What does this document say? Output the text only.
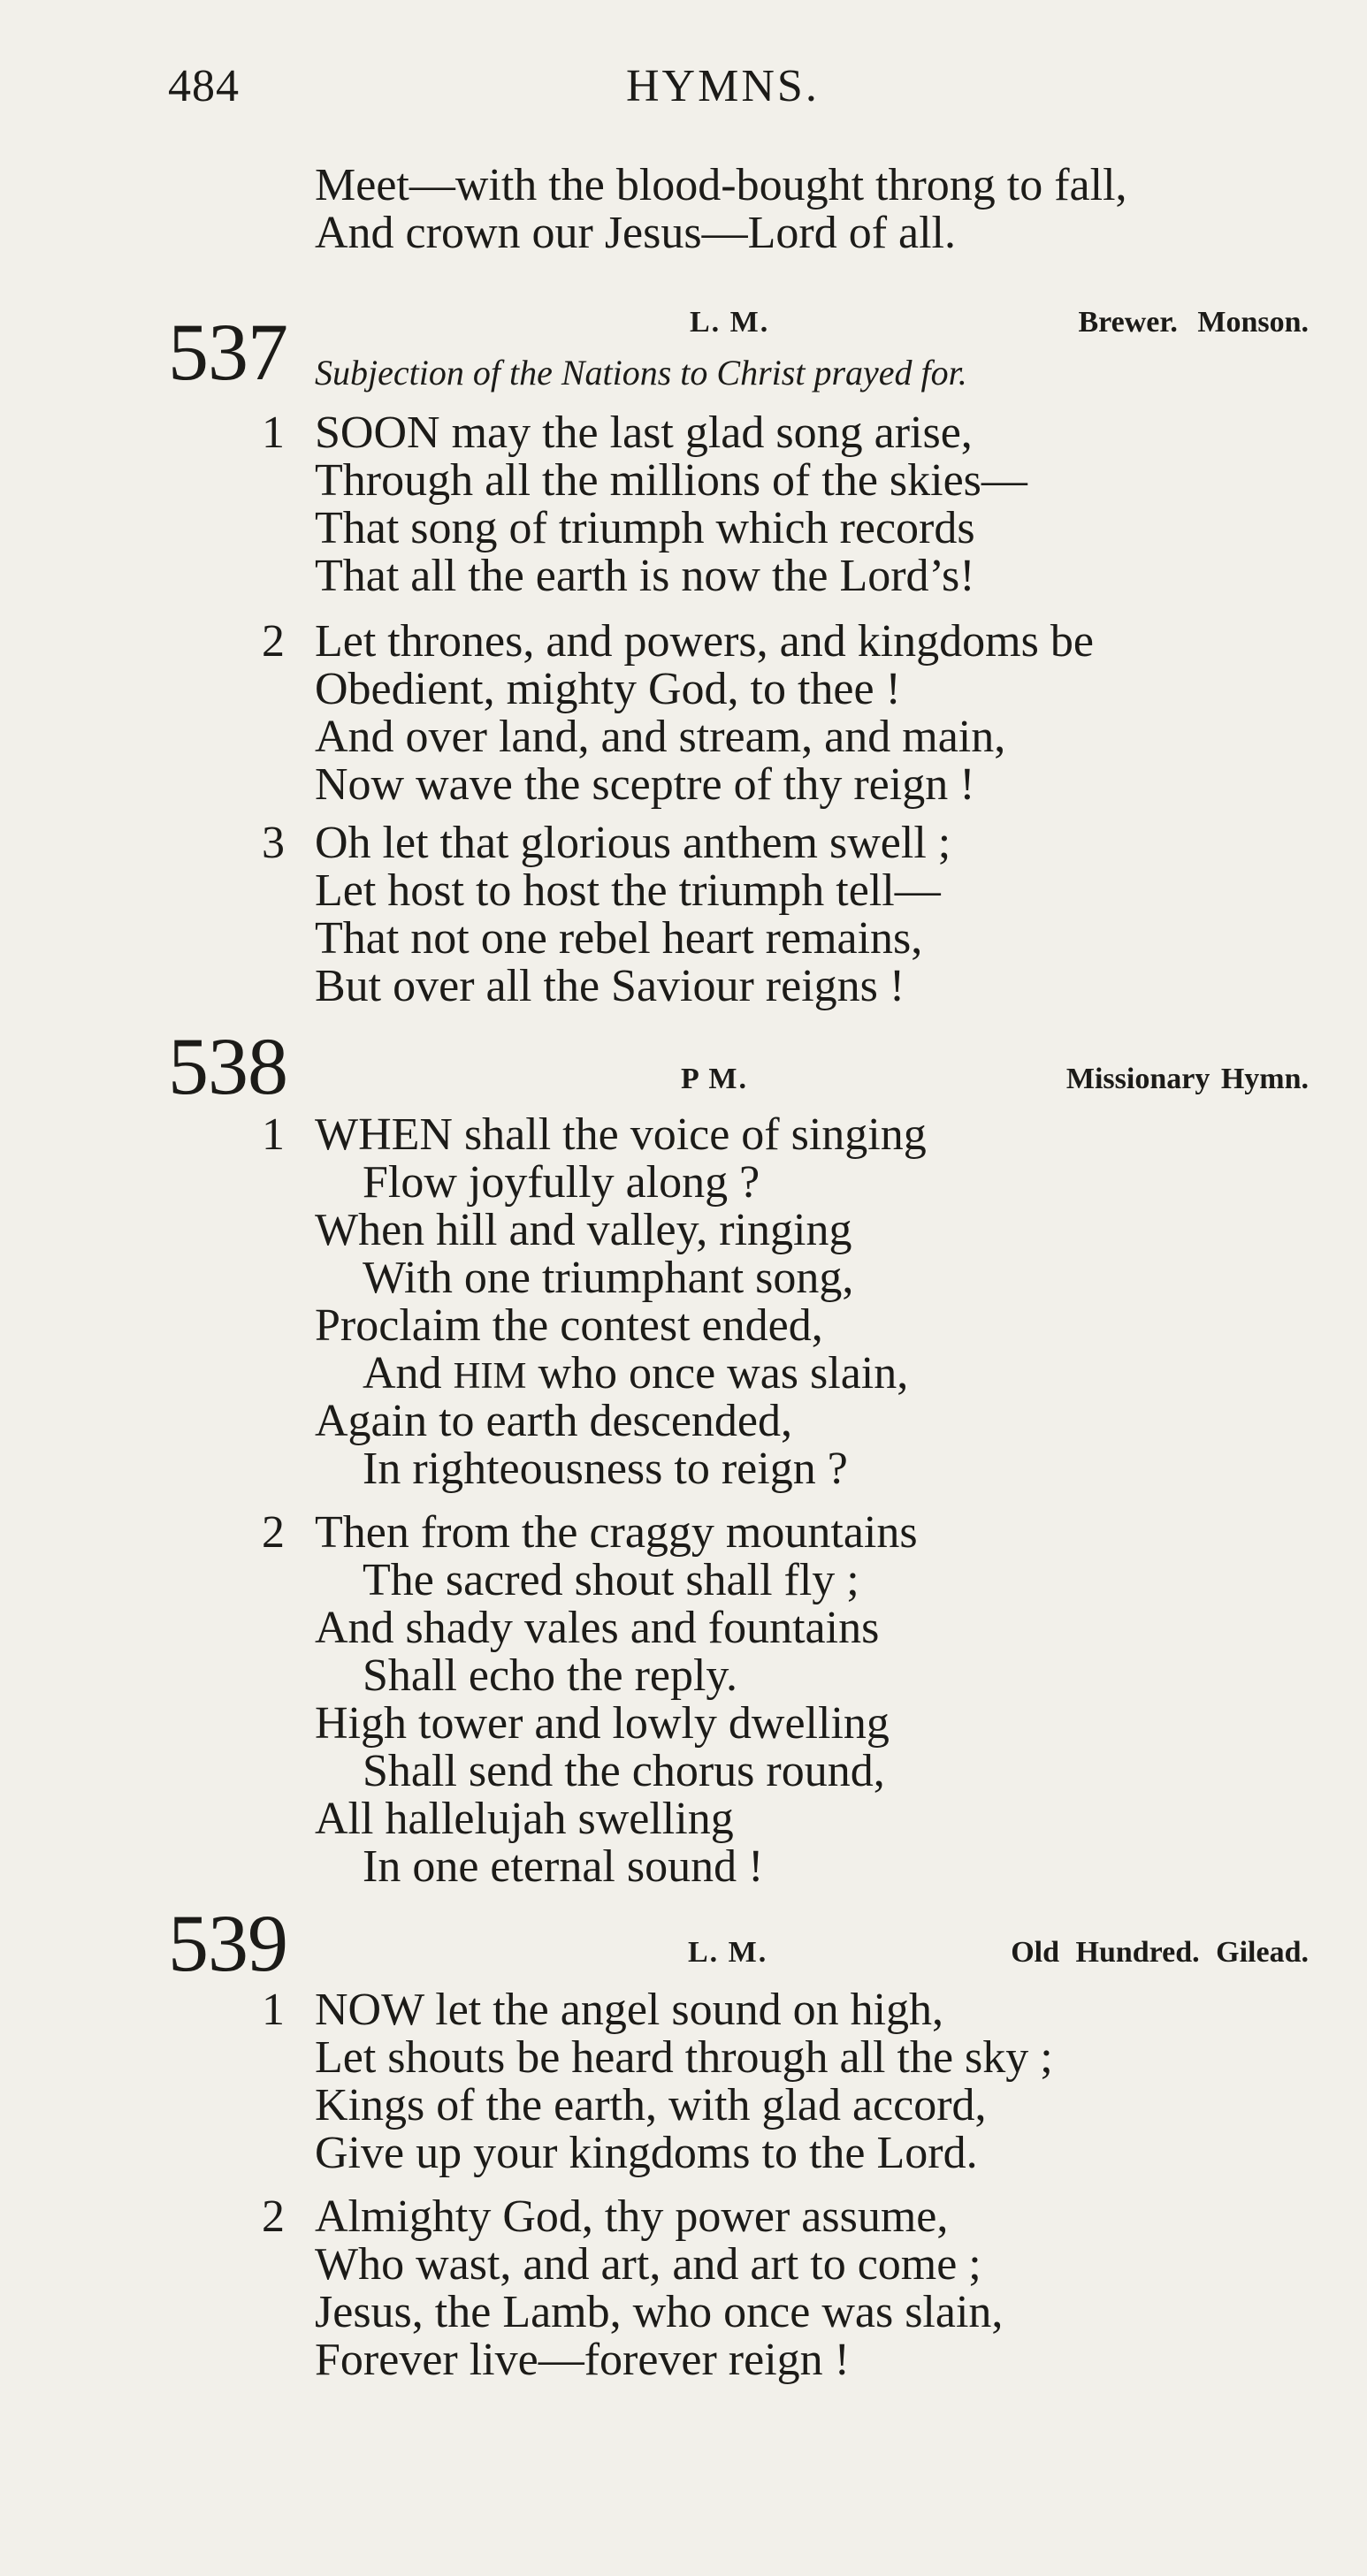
484	HYMNS.
Meet—with the blood-bought throng to fall,
And crown our Jesus—Lord of all.
537	L. M.	Brewer. Monson.
Subjection of the Nations to Christ prayed for.
1 SOON may the last glad song arise,
Through all the millions of the skies—
That song of triumph which records
That all the earth is now the Lord’s!
2 Let thrones, and powers, and kingdoms be
Obedient, mighty God, to thee !
And over land, and stream, and main,
Now wave the sceptre of thy reign !
3 Oh let that glorious anthem swell ;
Let host to host the triumph tell—
That not one rebel heart remains,
But over all the Saviour reigns !
538	P M.	Missionary Hymn.
1 WHEN shall the voice of singing
Flow joyfully along ?
When hill and valley, ringing
With one triumphant song,
Proclaim the contest ended,
And HIM who once was slain,
Again to earth descended,
In righteousness to reign ?
2 Then from the craggy mountains
The sacred shout shall fly ;
And shady vales and fountains
Shall echo the reply.
High tower and lowly dwelling
Shall send the chorus round,
All hallelujah swelling
In one eternal sound !
539	L. M.	Old Hundred. Gilead.
1 NOW let the angel sound on high,
Let shouts be heard through all the sky ;
Kings of the earth, with glad accord,
Give up your kingdoms to the Lord.
2 Almighty God, thy power assume,
Who wast, and art, and art to come ;
Jesus, the Lamb, who once was slain,
Forever live—forever reign !
